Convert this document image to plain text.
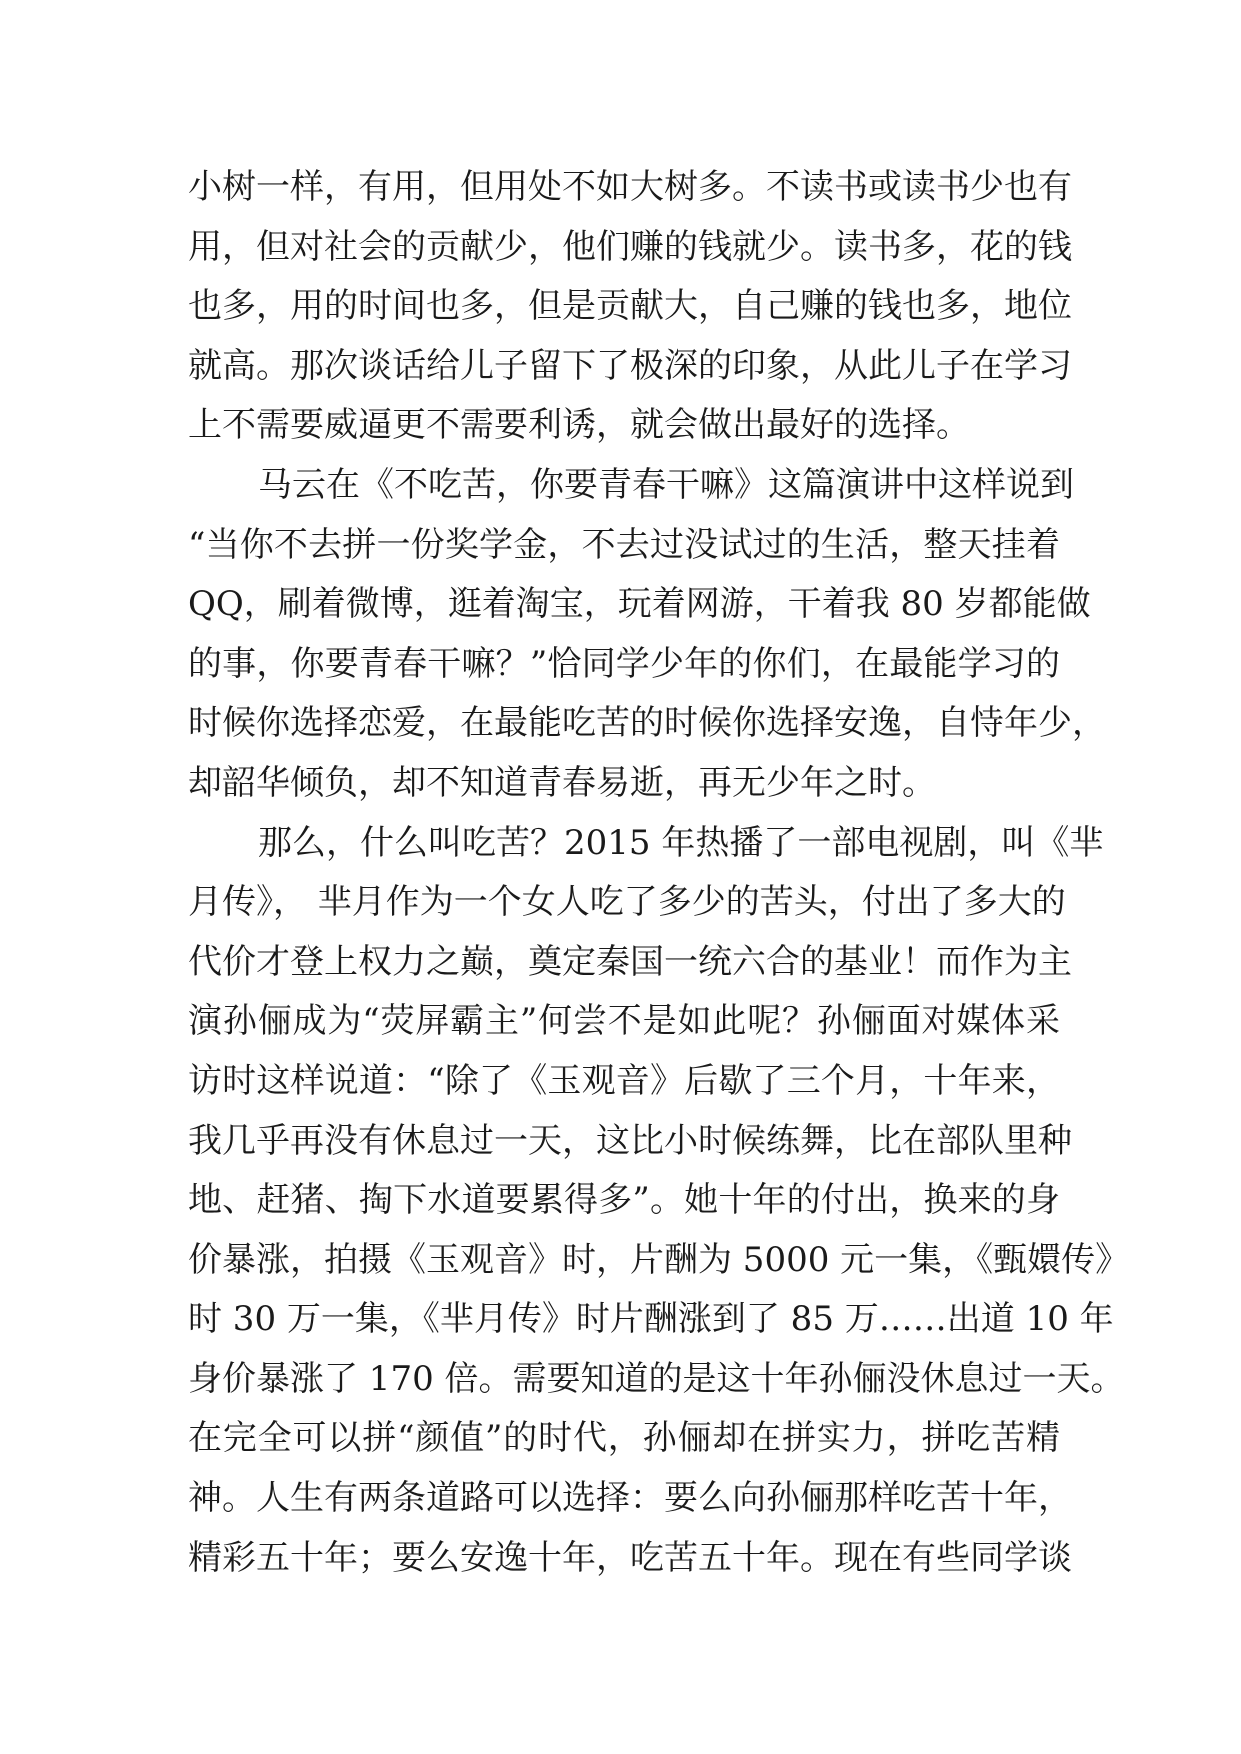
小树一样，有用，但用处不如大树多。不读书或读书少也有
用，但对社会的贡献少，他们赚的钱就少。读书多，花的钱
也多，用的时间也多，但是贡献大，自己赚的钱也多，地位
就高。那次谈话给儿子留下了极深的印象，从此儿子在学习
上不需要威逼更不需要利诱，就会做出最好的选择。
马云在《不吃苦，你要青春干嘛》这篇演讲中这样说到
“当你不去拼一份奖学金，不去过没试过的生活，整天挂着
QQ，刷着微博，逛着淘宝，玩着网游，干着我 80 岁都能做
的事，你要青春干嘛？”恰同学少年的你们，在最能学习的
时候你选择恋爱，在最能吃苦的时候你选择安逸，自恃年少，
却韶华倾负，却不知道青春易逝，再无少年之时。
那么，什么叫吃苦？2015 年热播了一部电视剧，叫《芈
月传》， 芈月作为一个女人吃了多少的苦头，付出了多大的
代价才登上权力之巅，奠定秦国一统六合的基业！而作为主
演孙俪成为“荧屏霸主”何尝不是如此呢？孙俪面对媒体采
访时这样说道：“除了《玉观音》后歇了三个月，十年来，
我几乎再没有休息过一天，这比小时候练舞，比在部队里种
地、赶猪、掏下水道要累得多”。她十年的付出，换来的身
价暴涨，拍摄《玉观音》时，片酬为 5000 元一集，《甄嬛传》
时 30 万一集，《芈月传》时片酬涨到了 85 万……出道 10 年
身价暴涨了 170 倍。需要知道的是这十年孙俪没休息过一天。
在完全可以拼“颜值”的时代，孙俪却在拼实力，拼吃苦精
神。人生有两条道路可以选择：要么向孙俪那样吃苦十年，
精彩五十年；要么安逸十年，吃苦五十年。现在有些同学谈
